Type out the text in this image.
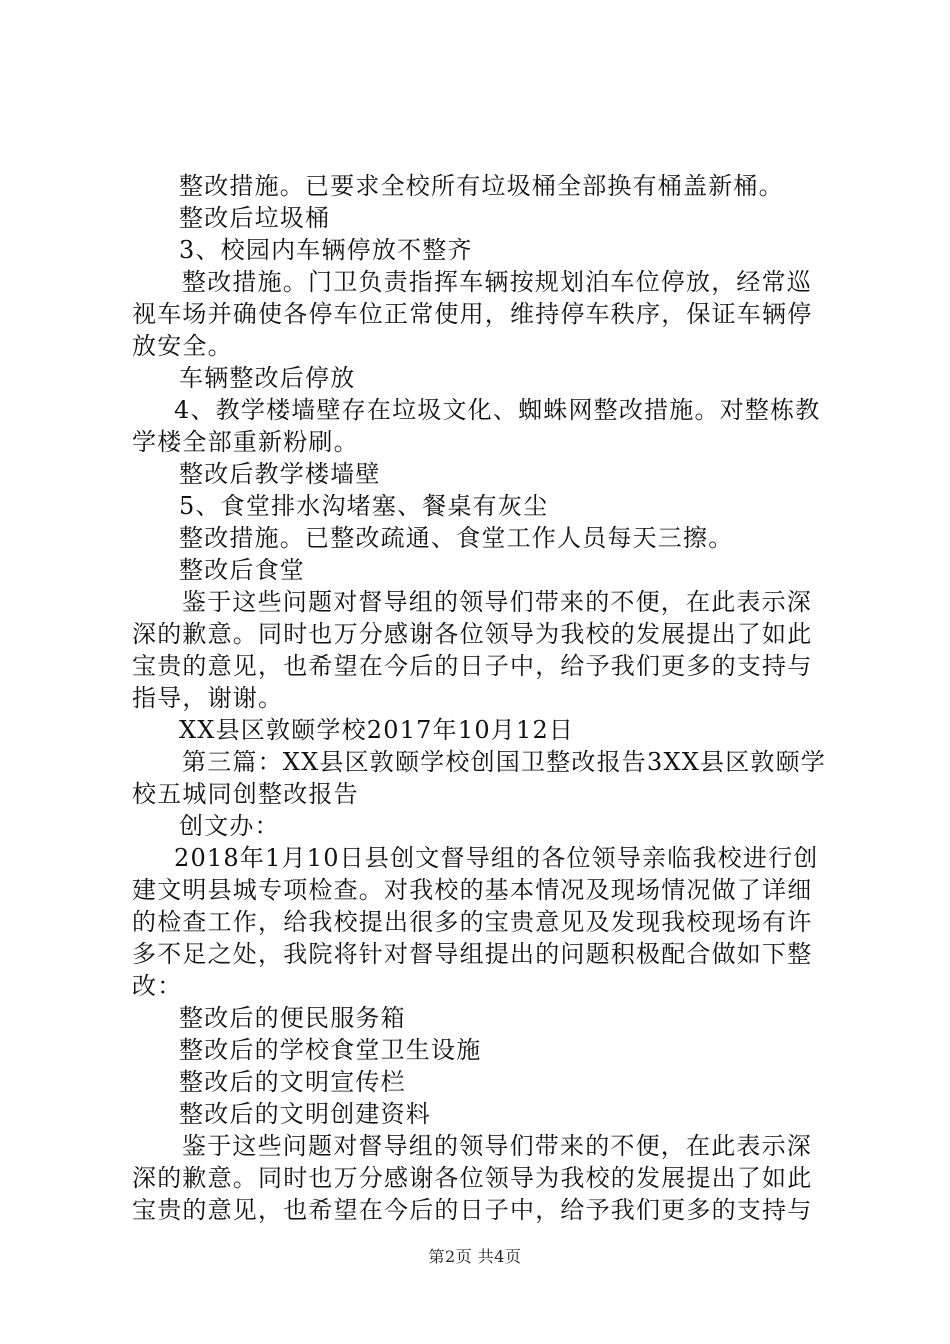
整改措施。已要求全校所有垃圾桶全部换有桶盖新桶。

整改后垃圾桶

3、校园内车辆停放不整齐

整改措施。门卫负责指挥车辆按规划泊车位停放，经常巡视车场并确使各停车位正常使用，维持停车秩序，保证车辆停放安全。

车辆整改后停放

4、教学楼墙壁存在垃圾文化、蜘蛛网整改措施。对整栋教学楼全部重新粉刷。

整改后教学楼墙壁

5、食堂排水沟堵塞、餐桌有灰尘

整改措施。已整改疏通、食堂工作人员每天三擦。

整改后食堂

鉴于这些问题对督导组的领导们带来的不便，在此表示深深的歉意。同时也万分感谢各位领导为我校的发展提出了如此宝贵的意见，也希望在今后的日子中，给予我们更多的支持与指导，谢谢。

XX县区敦颐学校2017年10月12日

第三篇：XX县区敦颐学校创国卫整改报告3XX县区敦颐学校五城同创整改报告

创文办：

2018年1月10日县创文督导组的各位领导亲临我校进行创建文明县城专项检查。对我校的基本情况及现场情况做了详细的检查工作，给我校提出很多的宝贵意见及发现我校现场有许多不足之处，我院将针对督导组提出的问题积极配合做如下整改：

整改后的便民服务箱

整改后的学校食堂卫生设施

整改后的文明宣传栏

整改后的文明创建资料

鉴于这些问题对督导组的领导们带来的不便，在此表示深深的歉意。同时也万分感谢各位领导为我校的发展提出了如此宝贵的意见，也希望在今后的日子中，给予我们更多的支持与

第2页 共4页
